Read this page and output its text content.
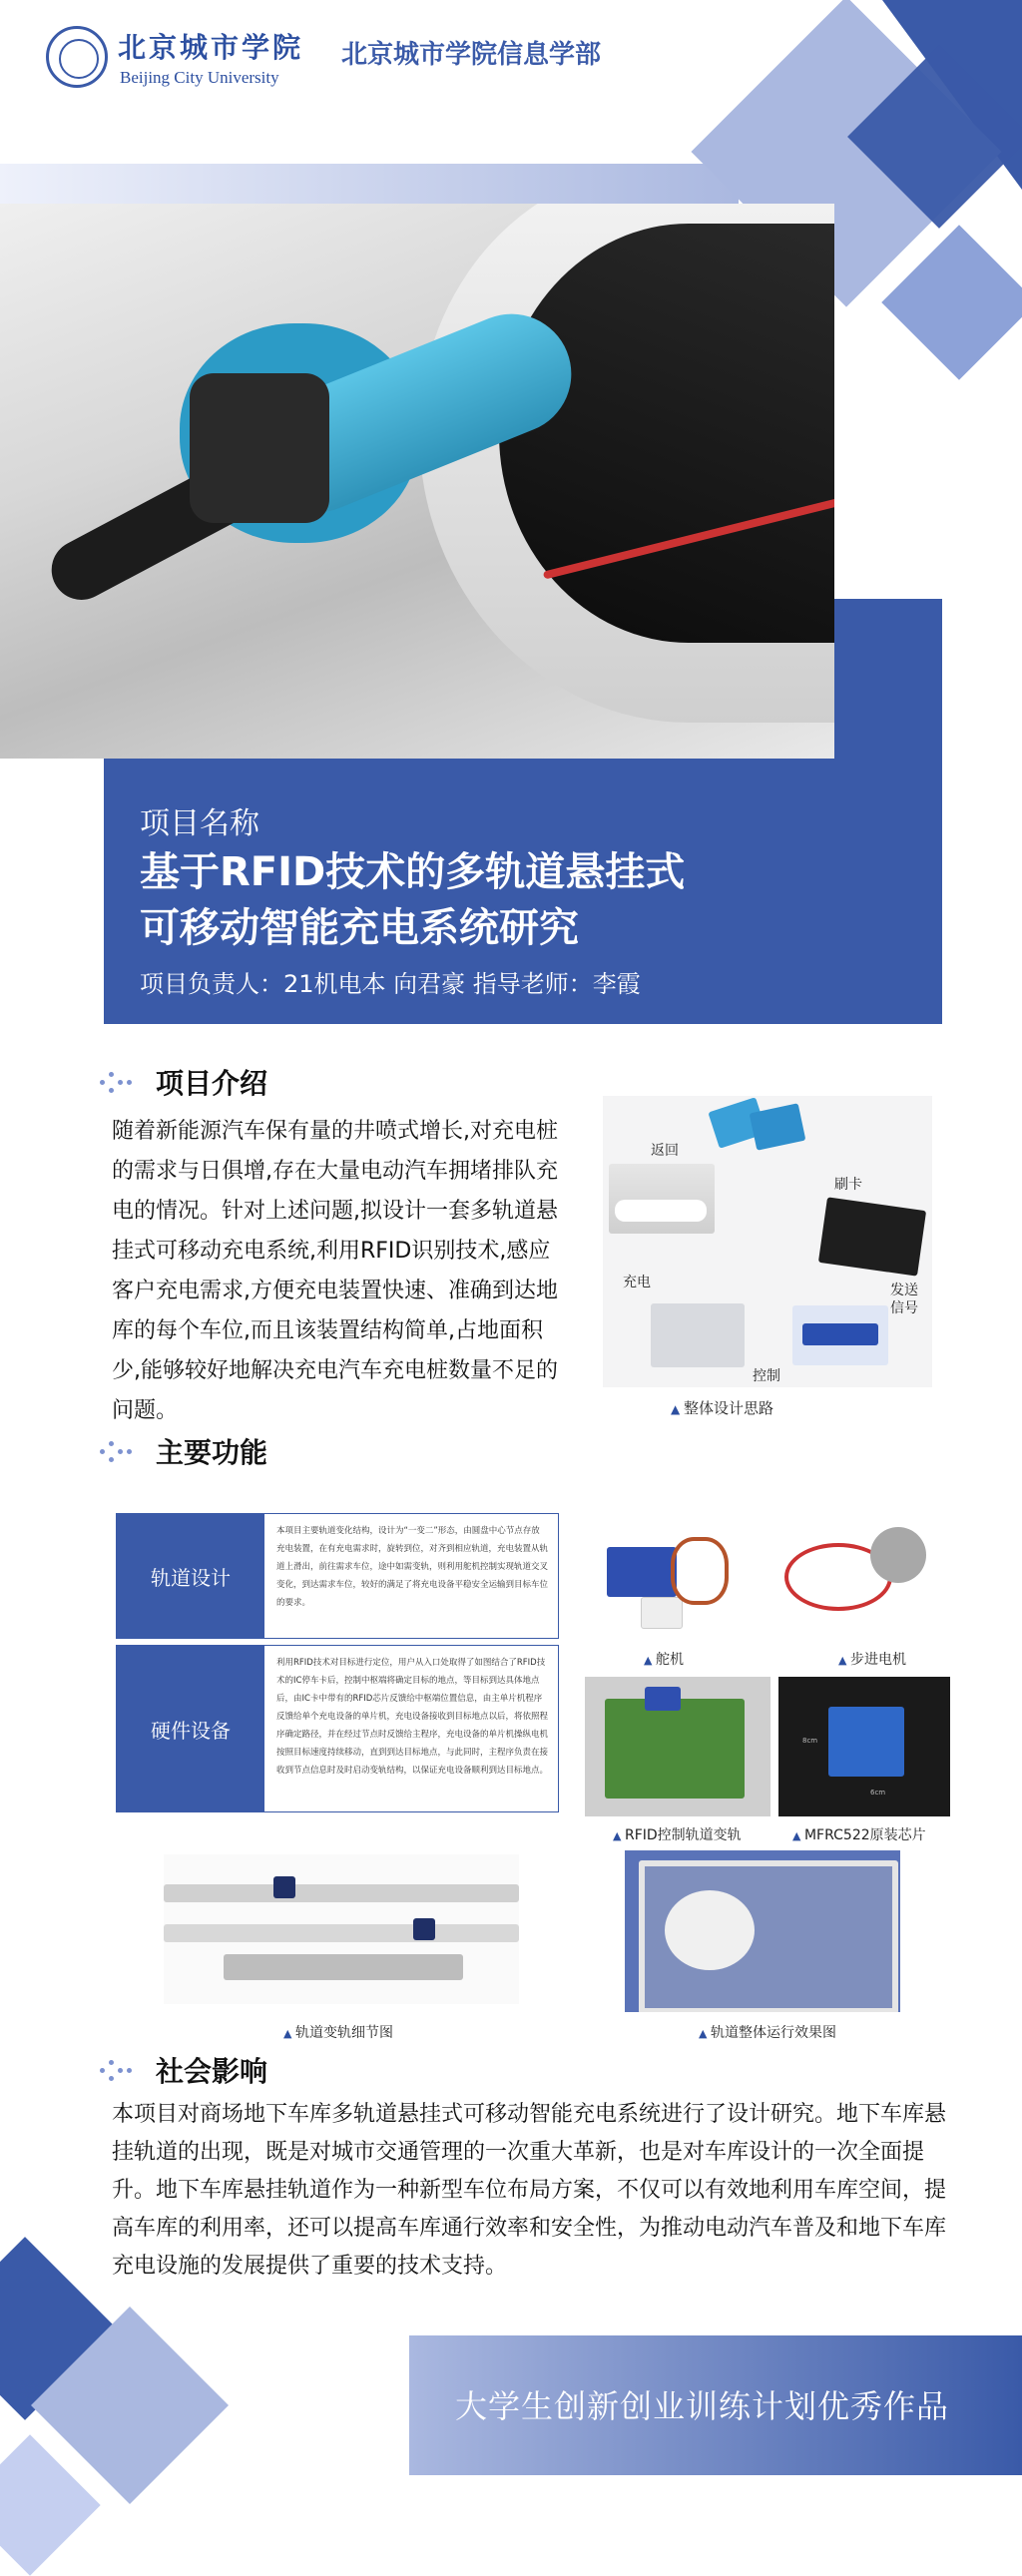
北京城市学院
Beijing City University
北京城市学院信息学部
项目名称
基于RFID技术的多轨道悬挂式
可移动智能充电系统研究
项目负责人：21机电本 向君豪 指导老师：李霞
项目介绍
随着新能源汽车保有量的井喷式增长,对充电桩的需求与日俱增,存在大量电动汽车拥堵排队充电的情况。针对上述问题,拟设计一套多轨道悬挂式可移动充电系统,利用RFID识别技术,感应客户充电需求,方便充电装置快速、准确到达地库的每个车位,而且该装置结构简单,占地面积少,能够较好地解决充电汽车充电桩数量不足的问题。
返回
刷卡
发送
信号
充电
控制
▲ 整体设计思路
主要功能
轨道设计
本项目主要轨道变化结构，设计为“一变二”形态，由圆盘中心节点存放 充电装置，在有充电需求时，旋转到位，对齐到相应轨道，充电装置从轨道上滑出，前往需求车位，途中如需变轨，则利用舵机控制实现轨道交叉变化，到达需求车位，较好的满足了将充电设备平稳安全运输到目标车位的要求。
硬件设备
利用RFID技术对目标进行定位，用户从入口处取得了如图结合了RFID技术的IC停车卡后，控制中枢端将确定目标的地点，等目标到达具体地点后，由IC卡中带有的RFID芯片反馈给中枢端位置信息，由主单片机程序反馈给单个充电设备的单片机，充电设备接收到目标地点以后，将依照程序确定路径，并在经过节点时反馈给主程序，充电设备的单片机操纵电机按照目标速度持续移动，直到到达目标地点，与此同时，主程序负责在接收到节点信息时及时启动变轨结构，以保证充电设备顺利到达目标地点。
▲ 舵机	▲ 步进电机
▲ RFID控制轨道变轨
6cm
8cm
▲ MFRC522原装芯片
▲ 轨道变轨细节图	▲ 轨道整体运行效果图
社会影响
本项目对商场地下车库多轨道悬挂式可移动智能充电系统进行了设计研究。地下车库悬挂轨道的出现，既是对城市交通管理的一次重大革新，也是对车库设计的一次全面提升。地下车库悬挂轨道作为一种新型车位布局方案，不仅可以有效地利用车库空间，提高车库的利用率，还可以提高车库通行效率和安全性，为推动电动汽车普及和地下车库充电设施的发展提供了重要的技术支持。
大学生创新创业训练计划优秀作品
